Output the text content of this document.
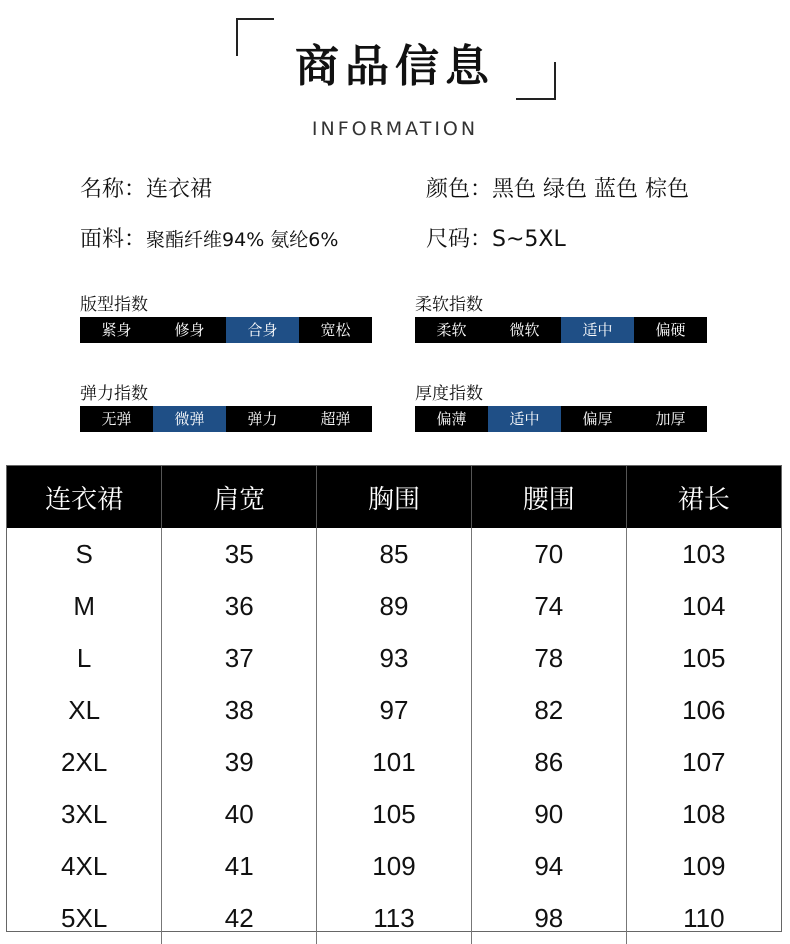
商品信息
INFORMATION
名称：连衣裙	颜色：黑色 绿色 蓝色 棕色
面料：聚酯纤维94% 氨纶6%	尺码：S~5XL
版型指数
紧身	修身	合身	宽松
柔软指数
柔软	微软	适中	偏硬
弹力指数
无弹	微弹	弹力	超弹
厚度指数
偏薄	适中	偏厚	加厚
连衣裙	肩宽	胸围	腰围	裙长
S	35	85	70	103
M	36	89	74	104
L	37	93	78	105
XL	38	97	82	106
2XL	39	101	86	107
3XL	40	105	90	108
4XL	41	109	94	109
5XL	42	113	98	110
